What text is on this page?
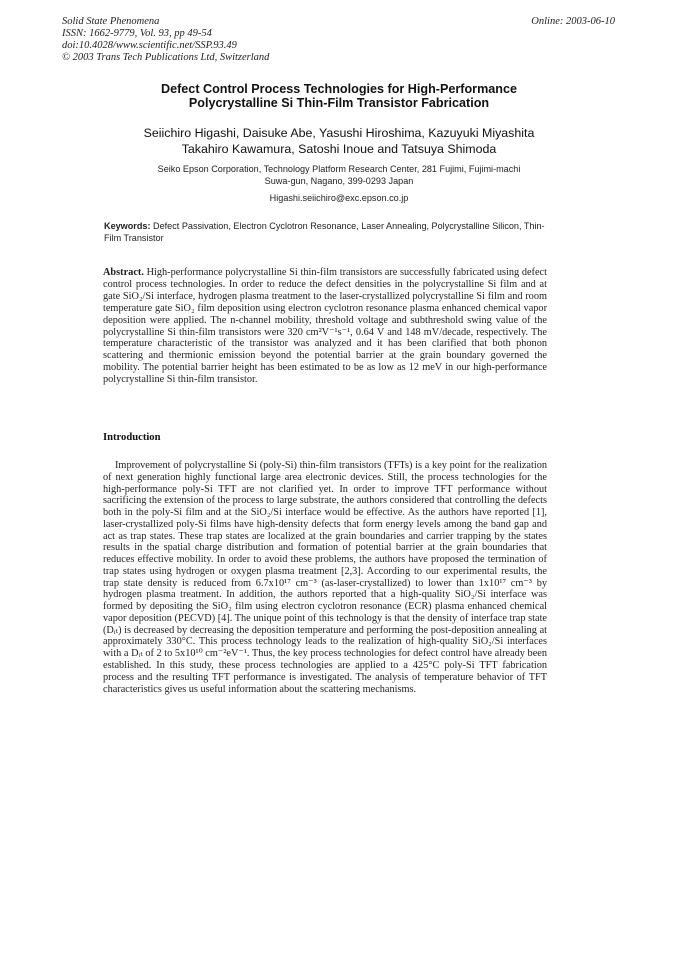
Solid State Phenomena
ISSN: 1662-9779, Vol. 93, pp 49-54
doi:10.4028/www.scientific.net/SSP.93.49
© 2003 Trans Tech Publications Ltd, Switzerland
Online: 2003-06-10
Defect Control Process Technologies for High-Performance
Polycrystalline Si Thin-Film Transistor Fabrication
Seiichiro Higashi, Daisuke Abe, Yasushi Hiroshima, Kazuyuki Miyashita
Takahiro Kawamura, Satoshi Inoue and Tatsuya Shimoda
Seiko Epson Corporation, Technology Platform Research Center, 281 Fujimi, Fujimi-machi
Suwa-gun, Nagano, 399-0293 Japan
Higashi.seiichiro@exc.epson.co.jp
Keywords: Defect Passivation, Electron Cyclotron Resonance, Laser Annealing, Polycrystalline Silicon, Thin-Film Transistor
Abstract. High-performance polycrystalline Si thin-film transistors are successfully fabricated using defect control process technologies. In order to reduce the defect densities in the polycrystalline Si film and at gate SiO₂/Si interface, hydrogen plasma treatment to the laser-crystallized polycrystalline Si film and room temperature gate SiO₂ film deposition using electron cyclotron resonance plasma enhanced chemical vapor deposition were applied. The n-channel mobility, threshold voltage and subthreshold swing value of the polycrystalline Si thin-film transistors were 320 cm²V⁻¹s⁻¹, 0.64 V and 148 mV/decade, respectively. The temperature characteristic of the transistor was analyzed and it has been clarified that both phonon scattering and thermionic emission beyond the potential barrier at the grain boundary governed the mobility. The potential barrier height has been estimated to be as low as 12 meV in our high-performance polycrystalline Si thin-film transistor.
Introduction
Improvement of polycrystalline Si (poly-Si) thin-film transistors (TFTs) is a key point for the realization of next generation highly functional large area electronic devices. Still, the process technologies for the high-performance poly-Si TFT are not clarified yet. In order to improve TFT performance without sacrificing the extension of the process to large substrate, the authors considered that controlling the defects both in the poly-Si film and at the SiO₂/Si interface would be effective. As the authors have reported [1], laser-crystallized poly-Si films have high-density defects that form energy levels among the band gap and act as trap states. These trap states are localized at the grain boundaries and carrier trapping by the states results in the spatial charge distribution and formation of potential barrier at the grain boundaries that reduces effective mobility. In order to avoid these problems, the authors have proposed the termination of trap states using hydrogen or oxygen plasma treatment [2,3]. According to our experimental results, the trap state density is reduced from 6.7x10¹⁷ cm⁻³ (as-laser-crystallized) to lower than 1x10¹⁷ cm⁻³ by hydrogen plasma treatment. In addition, the authors reported that a high-quality SiO₂/Si interface was formed by depositing the SiO₂ film using electron cyclotron resonance (ECR) plasma enhanced chemical vapor deposition (PECVD) [4]. The unique point of this technology is that the density of interface trap state (Dᵢₜ) is decreased by decreasing the deposition temperature and performing the post-deposition annealing at approximately 330°C. This process technology leads to the realization of high-quality SiO₂/Si interfaces with a Dᵢₜ of 2 to 5x10¹⁰ cm⁻²eV⁻¹. Thus, the key process technologies for defect control have already been established. In this study, these process technologies are applied to a 425°C poly-Si TFT fabrication process and the resulting TFT performance is investigated. The analysis of temperature behavior of TFT characteristics gives us useful information about the scattering mechanisms.
